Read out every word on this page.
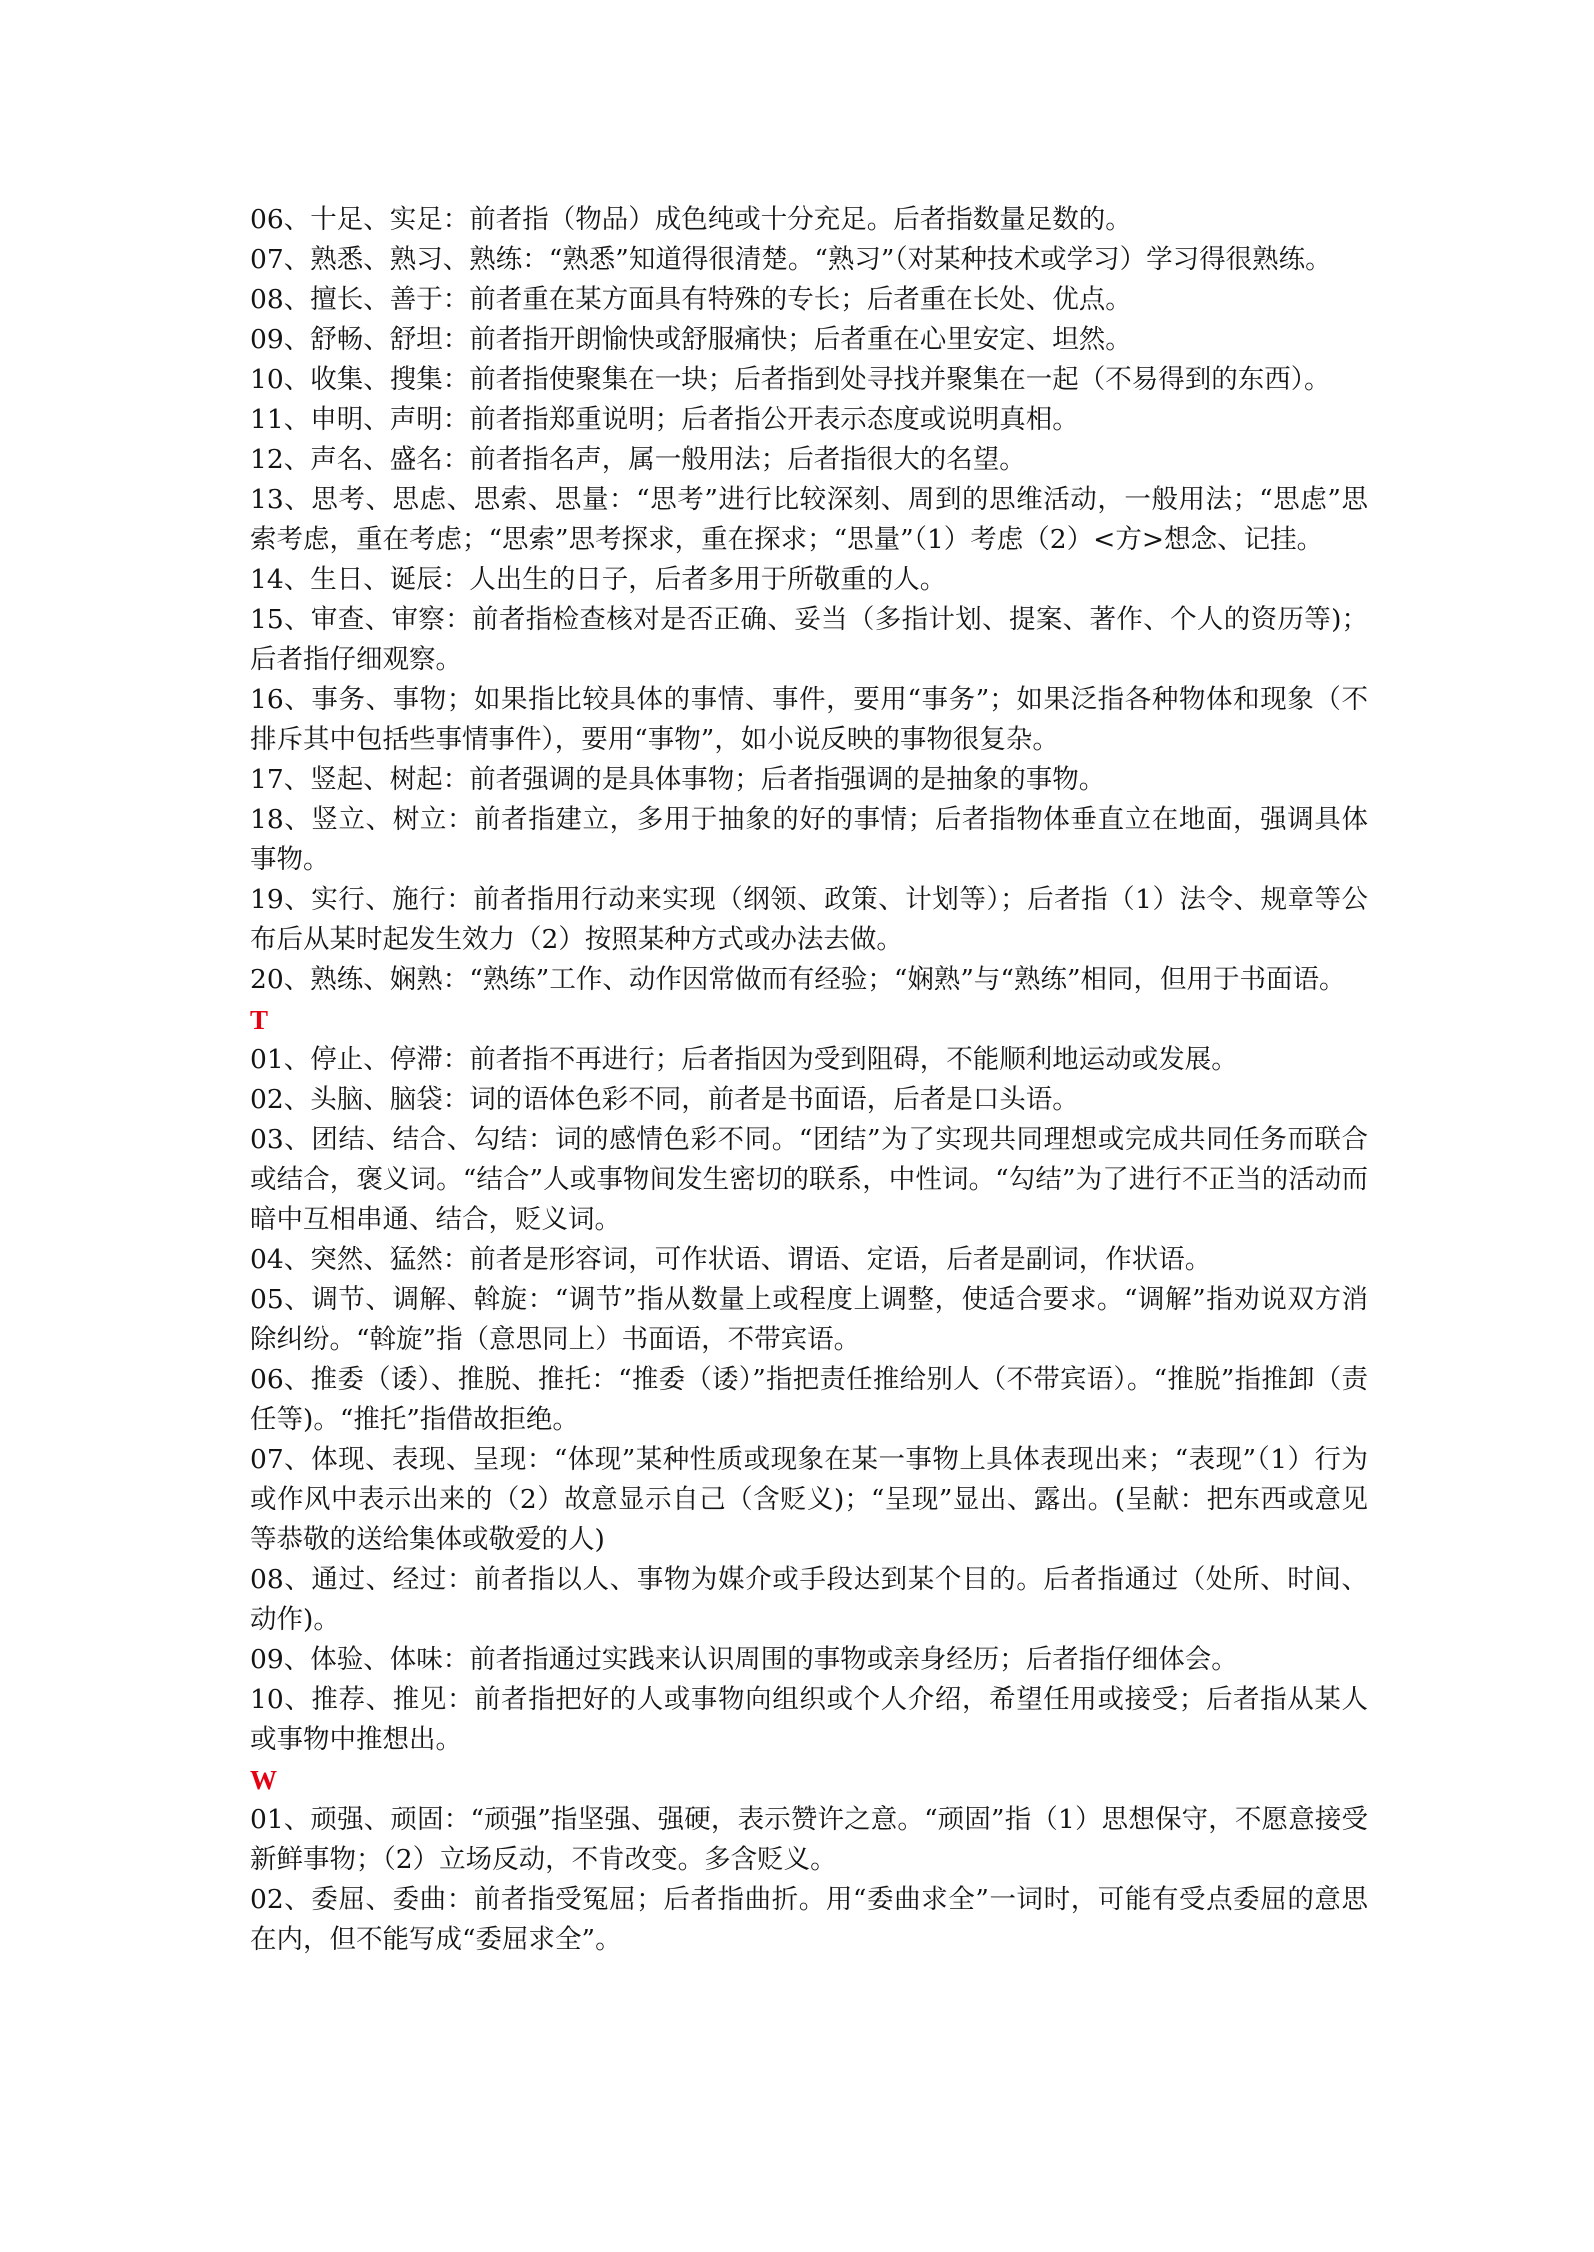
06、十足、实足：前者指（物品）成色纯或十分充足。后者指数量足数的。

07、熟悉、熟习、熟练：“熟悉”知道得很清楚。“熟习”（对某种技术或学习）学习得很熟练。

08、擅长、善于：前者重在某方面具有特殊的专长；后者重在长处、优点。

09、舒畅、舒坦：前者指开朗愉快或舒服痛快；后者重在心里安定、坦然。

10、收集、搜集：前者指使聚集在一块；后者指到处寻找并聚集在一起（不易得到的东西）。

11、申明、声明：前者指郑重说明；后者指公开表示态度或说明真相。

12、声名、盛名：前者指名声，属一般用法；后者指很大的名望。

13、思考、思虑、思索、思量：“思考”进行比较深刻、周到的思维活动，一般用法；“思虑”思索考虑，重在考虑；“思索”思考探求，重在探求；“思量”（1）考虑（2）<方>想念、记挂。

14、生日、诞辰：人出生的日子，后者多用于所敬重的人。

15、审查、审察：前者指检查核对是否正确、妥当（多指计划、提案、著作、个人的资历等)；后者指仔细观察。

16、事务、事物；如果指比较具体的事情、事件，要用“事务”；如果泛指各种物体和现象（不排斥其中包括些事情事件），要用“事物”，如小说反映的事物很复杂。

17、竖起、树起：前者强调的是具体事物；后者指强调的是抽象的事物。

18、竖立、树立：前者指建立，多用于抽象的好的事情；后者指物体垂直立在地面，强调具体事物。

19、实行、施行：前者指用行动来实现（纲领、政策、计划等）；后者指（1）法令、规章等公布后从某时起发生效力（2）按照某种方式或办法去做。

20、熟练、娴熟：“熟练”工作、动作因常做而有经验；“娴熟”与“熟练”相同，但用于书面语。

T

01、停止、停滞：前者指不再进行；后者指因为受到阻碍，不能顺利地运动或发展。

02、头脑、脑袋：词的语体色彩不同，前者是书面语，后者是口头语。

03、团结、结合、勾结：词的感情色彩不同。“团结”为了实现共同理想或完成共同任务而联合或结合，褒义词。“结合”人或事物间发生密切的联系，中性词。“勾结”为了进行不正当的活动而暗中互相串通、结合，贬义词。

04、突然、猛然：前者是形容词，可作状语、谓语、定语，后者是副词，作状语。

05、调节、调解、斡旋：“调节”指从数量上或程度上调整，使适合要求。“调解”指劝说双方消除纠纷。“斡旋”指（意思同上）书面语，不带宾语。

06、推委（诿）、推脱、推托：“推委（诿）”指把责任推给别人（不带宾语）。“推脱”指推卸（责任等)。“推托”指借故拒绝。

07、体现、表现、呈现：“体现”某种性质或现象在某一事物上具体表现出来；“表现”（1）行为或作风中表示出来的（2）故意显示自己（含贬义)；“呈现”显出、露出。(呈献：把东西或意见等恭敬的送给集体或敬爱的人)

08、通过、经过：前者指以人、事物为媒介或手段达到某个目的。后者指通过（处所、时间、动作)。

09、体验、体味：前者指通过实践来认识周围的事物或亲身经历；后者指仔细体会。

10、推荐、推见：前者指把好的人或事物向组织或个人介绍，希望任用或接受；后者指从某人或事物中推想出。

W

01、顽强、顽固：“顽强”指坚强、强硬，表示赞许之意。“顽固”指（1）思想保守，不愿意接受新鲜事物；（2）立场反动，不肯改变。多含贬义。

02、委屈、委曲：前者指受冤屈；后者指曲折。用“委曲求全”一词时，可能有受点委屈的意思在内，但不能写成“委屈求全”。
